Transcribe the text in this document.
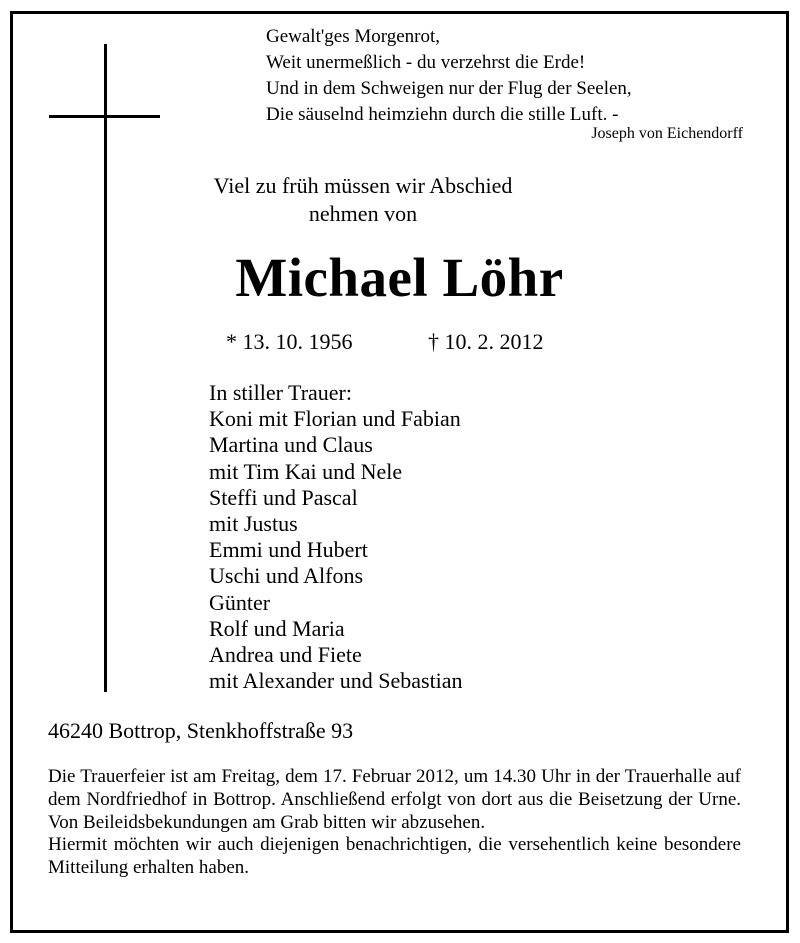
Gewalt'ges Morgenrot,
Weit unermeßlich - du verzehrst die Erde!
Und in dem Schweigen nur der Flug der Seelen,
Die säuselnd heimziehn durch die stille Luft. -
Joseph von Eichendorff
Viel zu früh müssen wir Abschied
nehmen von
Michael Löhr
* 13. 10. 1956	† 10. 2. 2012
In stiller Trauer:
Koni mit Florian und Fabian
Martina und Claus
mit Tim Kai und Nele
Steffi und Pascal
mit Justus
Emmi und Hubert
Uschi und Alfons
Günter
Rolf und Maria
Andrea und Fiete
mit Alexander und Sebastian
46240 Bottrop, Stenkhoffstraße 93

Die Trauerfeier ist am Freitag, dem 17. Februar 2012, um 14.30 Uhr in der Trauerhalle auf dem Nordfriedhof in Bottrop. Anschließend erfolgt von dort aus die Beisetzung der Urne. Von Beileidsbekundungen am Grab bitten wir abzusehen.

Hiermit möchten wir auch diejenigen benachrichtigen, die versehentlich keine besondere Mitteilung erhalten haben.
